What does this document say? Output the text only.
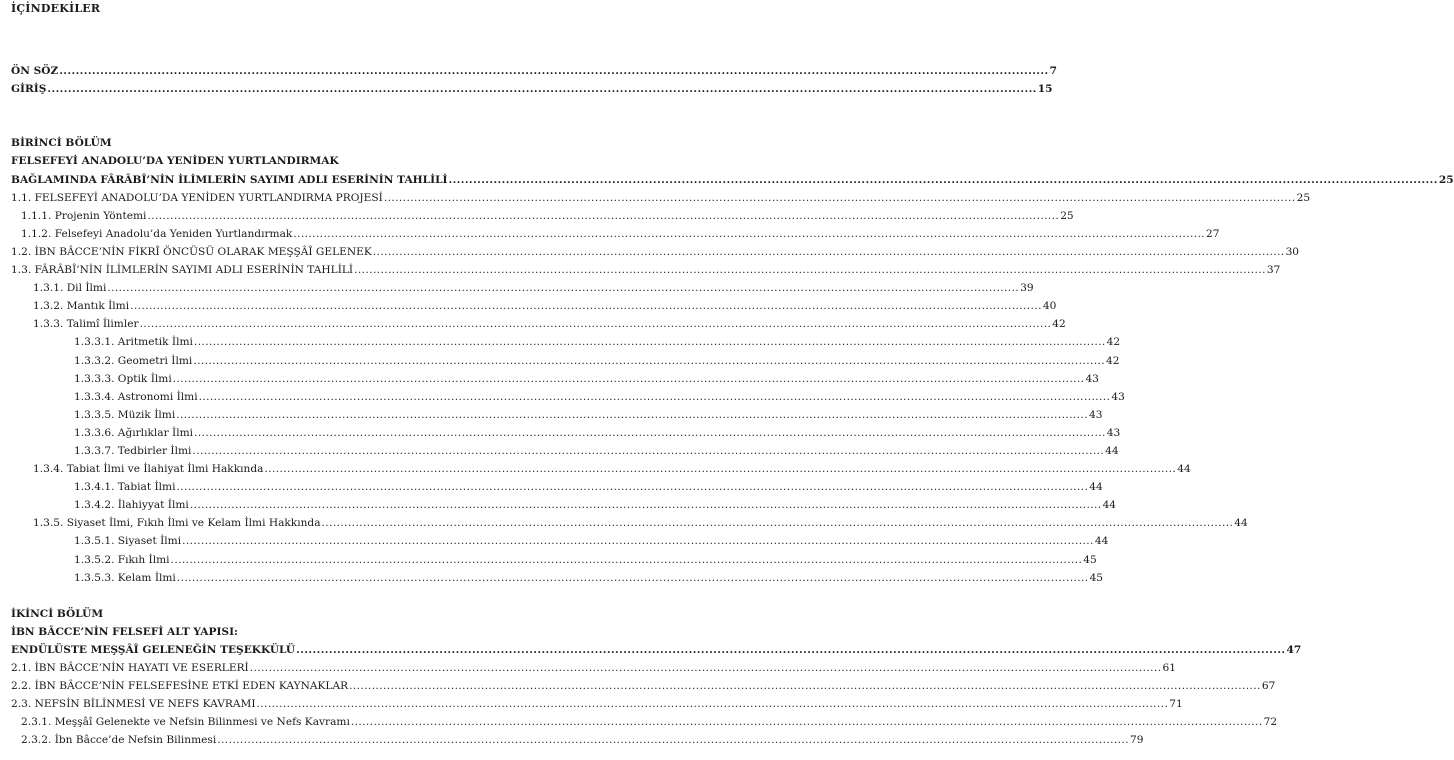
İÇİNDEKİLER
ÖN SÖZ .....	7
GİRİŞ .....	15
BİRİNCİ BÖLÜM
FELSEFEYİ ANADOLU’DA YENİDEN YURTLANDIRMAK
BAĞLAMINDA FÂRÂBÎ’NİN İLİMLERİN SAYIMI ADLI ESERİNİN TAHLİLİ .....	25
1.1. FELSEFEYİ ANADOLU’DA YENİDEN YURTLANDIRMA PROJESİ .....	25
1.1.1. Projenin Yöntemi .....	25
1.1.2. Felsefeyi Anadolu’da Yeniden Yurtlandırmak .....	27
1.2. İBN BÂCCE’NİN FİKRÎ ÖNCÜSÜ OLARAK MEŞŞÂÎ GELENEK .....	30
1.3. FÂRÂBÎ’NİN İLİMLERİN SAYIMI ADLI ESERİNİN TAHLİLİ .....	37
1.3.1. Dil İlmi .....	39
1.3.2. Mantık İlmi .....	40
1.3.3. Talimî İlimler .....	42
1.3.3.1. Aritmetik İlmi .....	42
1.3.3.2. Geometri İlmi .....	42
1.3.3.3. Optik İlmi .....	43
1.3.3.4. Astronomi İlmi .....	43
1.3.3.5. Müzik İlmi .....	43
1.3.3.6. Ağırlıklar İlmi .....	43
1.3.3.7. Tedbirler İlmi .....	44
1.3.4. Tabiat İlmi ve İlahiyat İlmi Hakkında .....	44
1.3.4.1. Tabiat İlmi .....	44
1.3.4.2. İlahiyyat İlmi .....	44
1.3.5. Siyaset İlmi, Fıkıh İlmi ve Kelam İlmi Hakkında .....	44
1.3.5.1. Siyaset İlmi .....	44
1.3.5.2. Fıkıh İlmi .....	45
1.3.5.3. Kelam İlmi .....	45
İKİNCİ BÖLÜM
İBN BÂCCE’NİN FELSEFİ ALT YAPISI:
ENDÜLÜSTE MEŞŞÂÎ GELENEĞİN TEŞEKKÜLÜ .....	47
2.1. İBN BÂCCE’NİN HAYATI VE ESERLERİ .....	61
2.2. İBN BÂCCE’NİN FELSEFESİNE ETKİ EDEN KAYNAKLAR .....	67
2.3. NEFSİN BİLİNMESİ VE NEFS KAVRAMI .....	71
2.3.1. Meşşâî Gelenekte ve Nefsin Bilinmesi ve Nefs Kavramı .....	72
2.3.2. İbn Bâcce’de Nefsin Bilinmesi .....	79
